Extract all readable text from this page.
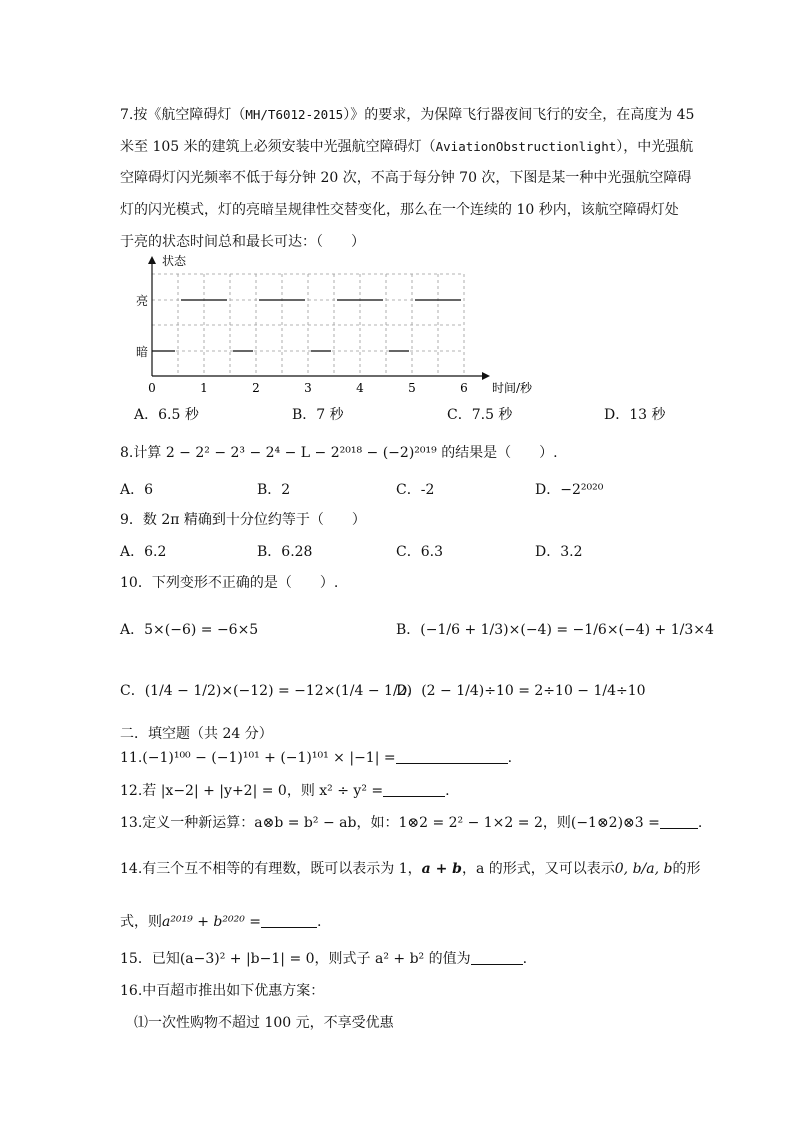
7.按《航空障碍灯（MH/T6012-2015）》的要求，为保障飞行器夜间飞行的安全，在高度为 45
米至 105 米的建筑上必须安装中光强航空障碍灯（AviationObstructionlight），中光强航
空障碍灯闪光频率不低于每分钟 20 次，不高于每分钟 70 次，下图是某一种中光强航空障碍
灯的闪光模式，灯的亮暗呈规律性交替变化，那么在一个连续的 10 秒内，该航空障碍灯处
于亮的状态时间总和最长可达：（　　）
状态
时间/秒
亮
暗
0	1	2	3	4	5	6
A．6.5 秒	B．7 秒	C．7.5 秒	D．13 秒
8.计算 2 − 2² − 2³ − 2⁴ − L − 2²⁰¹⁸ − (−2)²⁰¹⁹ 的结果是（　　）.
A．6	B．2	C．-2	D．−2²⁰²⁰
9．数 2π 精确到十分位约等于（　　）
A．6.2	B．6.28	C．6.3	D．3.2
10．下列变形不正确的是（　　）.
A．5×(−6) = −6×5	B．(−1/6 + 1/3)×(−4) = −1/6×(−4) + 1/3×4
C．(1/4 − 1/2)×(−12) = −12×(1/4 − 1/2)
D．(2 − 1/4)÷10 = 2÷10 − 1/4÷10
二．填空题（共 24 分）
11.(−1)¹⁰⁰ − (−1)¹⁰¹ + (−1)¹⁰¹ × |−1| =	.
12.若 |x−2| + |y+2| = 0，则 x² ÷ y² =	.
13.定义一种新运算：a⊗b = b² − ab，如：1⊗2 = 2² − 1×2 = 2，则(−1⊗2)⊗3 =	.
14.有三个互不相等的有理数，既可以表示为 1，a + b，a 的形式，又可以表示0, b/a, b的形
式，则a²⁰¹⁹ + b²⁰²⁰ =	.
15．已知(a−3)² + |b−1| = 0，则式子 a² + b² 的值为	.
16.中百超市推出如下优惠方案：
⑴一次性购物不超过 100 元，不享受优惠
